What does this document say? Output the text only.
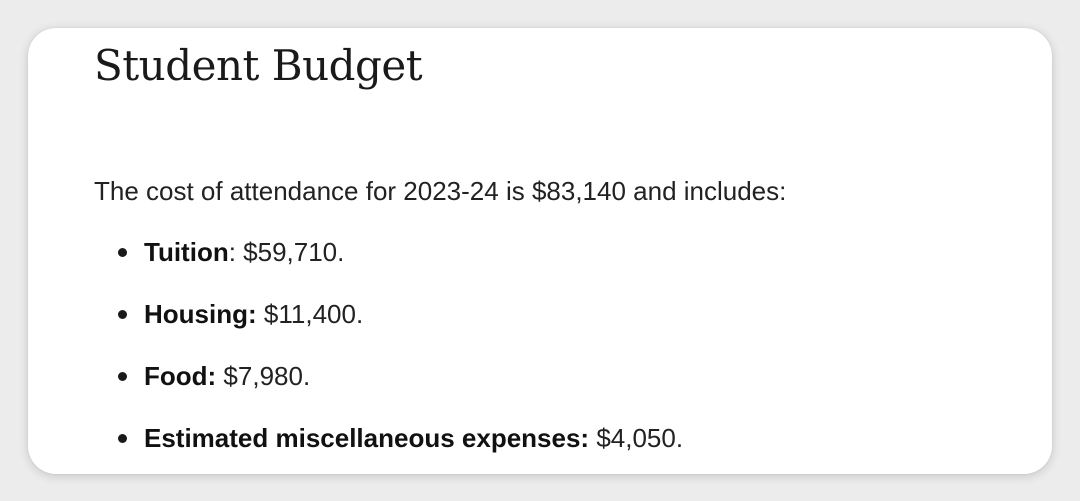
Student Budget

The cost of attendance for 2023-24 is $83,140 and includes:

Tuition: $59,710.
Housing: $11,400.
Food: $7,980.
Estimated miscellaneous expenses: $4,050.
